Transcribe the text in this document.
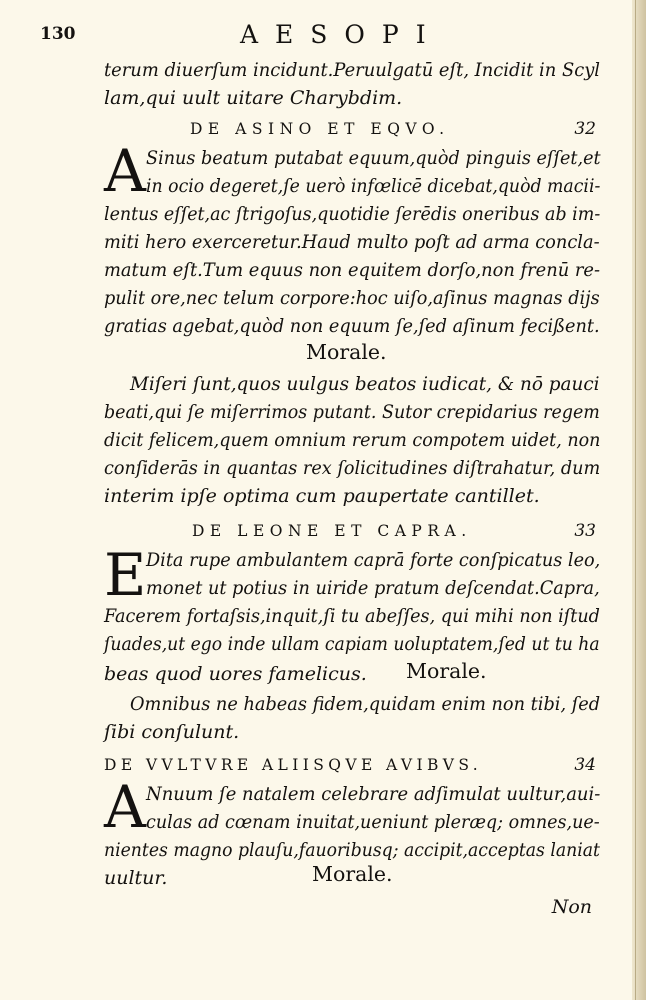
130	AESOPI
terum diuerſum incidunt.Peruulgatū eſt, Incidit in Scyl
lam,qui uult uitare Charybdim.
DE ASINO ET EQVO.	32
A Sinus beatum putabat equum,quòd pinguis eſſet,et
in ocio degeret,ſe uerò infœlicē dicebat,quòd macii-
lentus eſſet,ac ſtrigoſus,quotidie ſerēdis oneribus ab im-
miti hero exerceretur.Haud multo poſt ad arma concla-
matum eſt.Tum equus non equitem dorſo,non frenū re-
pulit ore,nec telum corpore:hoc uiſo,aſinus magnas dijs
gratias agebat,quòd non equum ſe,ſed aſinum fecißent.
Morale.
Miſeri ſunt,quos uulgus beatos iudicat, & nō pauci
beati,qui ſe miſerrimos putant. Sutor crepidarius regem
dicit felicem,quem omnium rerum compotem uidet, non
conſiderās in quantas rex ſolicitudines diſtrahatur, dum
interim ipſe optima cum paupertate cantillet.
DE LEONE ET CAPRA.	33
E Dita rupe ambulantem caprā forte conſpicatus leo,
monet ut potius in uiride pratum deſcendat.Capra,
Facerem fortaſsis,inquit,ſi tu abeſſes, qui mihi non iſtud
ſuades,ut ego inde ullam capiam uoluptatem,ſed ut tu ha
beas quod uores famelicus. Morale.
Omnibus ne habeas fidem,quidam enim non tibi, ſed
ſibi conſulunt.
DE VVLTVRE ALIISQVE AVIBVS.	34
A Nnuum ſe natalem celebrare adſimulat uultur,aui-
culas ad cœnam inuitat,ueniunt pleræq; omnes,ue-
nientes magno plauſu,fauoribusq; accipit,acceptas laniat
uultur.	Morale.
Non
